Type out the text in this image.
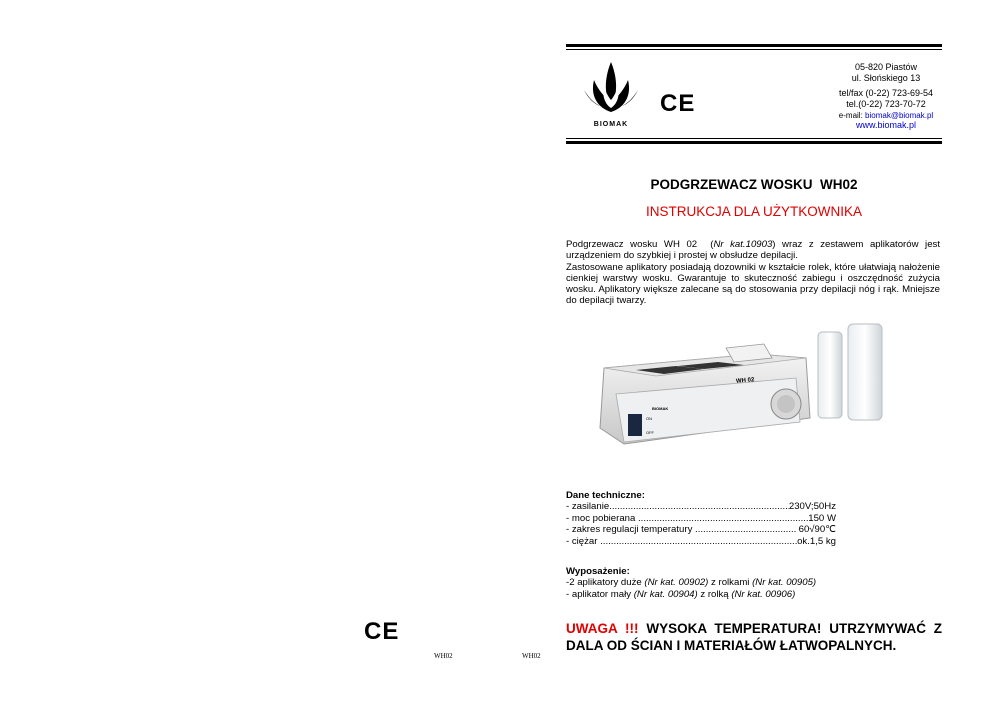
BIOMAK
CE
05-820 Piastów
ul. Słońskiego 13
tel/fax (0-22) 723-69-54
tel.(0-22) 723-70-72
e-mail: biomak@biomak.pl
www.biomak.pl
PODGRZEWACZ WOSKU  WH02
INSTRUKCJA DLA UŻYTKOWNIKA
Podgrzewacz wosku WH 02  (Nr kat.10903) wraz z zestawem aplikatorów jest urządzeniem do szybkiej i prostej w obsłudze depilacji.
Zastosowane aplikatory posiadają dozowniki w kształcie rolek, które ułatwiają nałożenie cienkiej warstwy wosku. Gwarantuje to skuteczność zabiegu i oszczędność zużycia wosku. Aplikatory większe zalecane są do stosowania przy depilacji nóg i rąk. Mniejsze do depilacji twarzy.
WH 02
BIOMAK
ON
OFF
Dane techniczne:
- zasilanie .....	230V;50Hz
- moc pobierana .....	150 W
- zakres regulacji temperatury .....	60√90℃
- ciężar .....	ok.1,5 kg
Wyposażenie:
-2 aplikatory duże (Nr kat. 00902) z rolkami (Nr kat. 00905)
- aplikator mały (Nr kat. 00904) z rolką (Nr kat. 00906)
UWAGA !!! WYSOKA TEMPERATURA! UTRZYMYWAĆ Z DALA OD ŚCIAN I MATERIAŁÓW ŁATWOPALNYCH.
CE
WH02	WH02
